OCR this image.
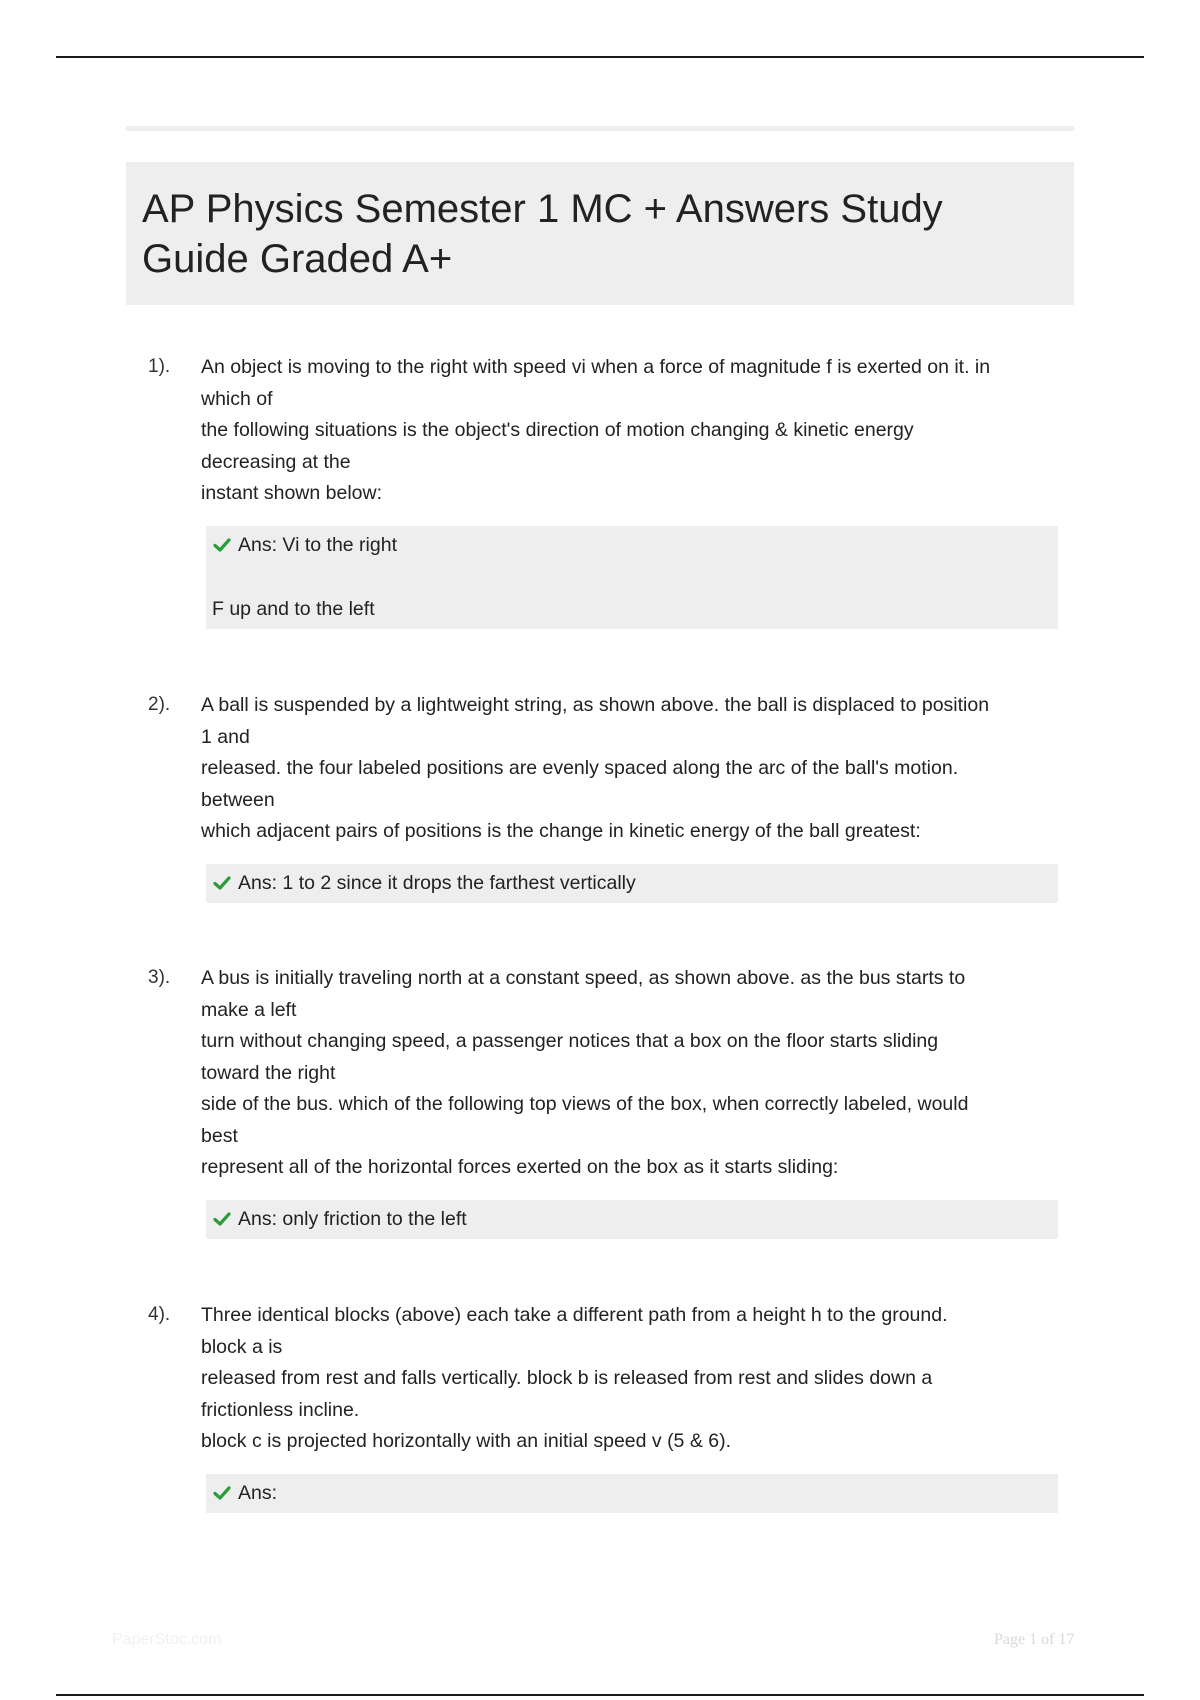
AP Physics Semester 1 MC + Answers Study Guide Graded A+
1). An object is moving to the right with speed vi when a force of magnitude f is exerted on it. in
which of
the following situations is the object's direction of motion changing & kinetic energy
decreasing at the
instant shown below:
Ans: Vi to the right
F up and to the left
2). A ball is suspended by a lightweight string, as shown above. the ball is displaced to position
1 and
released. the four labeled positions are evenly spaced along the arc of the ball's motion.
between
which adjacent pairs of positions is the change in kinetic energy of the ball greatest:
Ans: 1 to 2 since it drops the farthest vertically
3). A bus is initially traveling north at a constant speed, as shown above. as the bus starts to
make a left
turn without changing speed, a passenger notices that a box on the floor starts sliding
toward the right
side of the bus. which of the following top views of the box, when correctly labeled, would
best
represent all of the horizontal forces exerted on the box as it starts sliding:
Ans: only friction to the left
4). Three identical blocks (above) each take a different path from a height h to the ground.
block a is
released from rest and falls vertically. block b is released from rest and slides down a
frictionless incline.
block c is projected horizontally with an initial speed v (5 & 6).
Ans:
PaperStoc.com	Page 1 of 17
